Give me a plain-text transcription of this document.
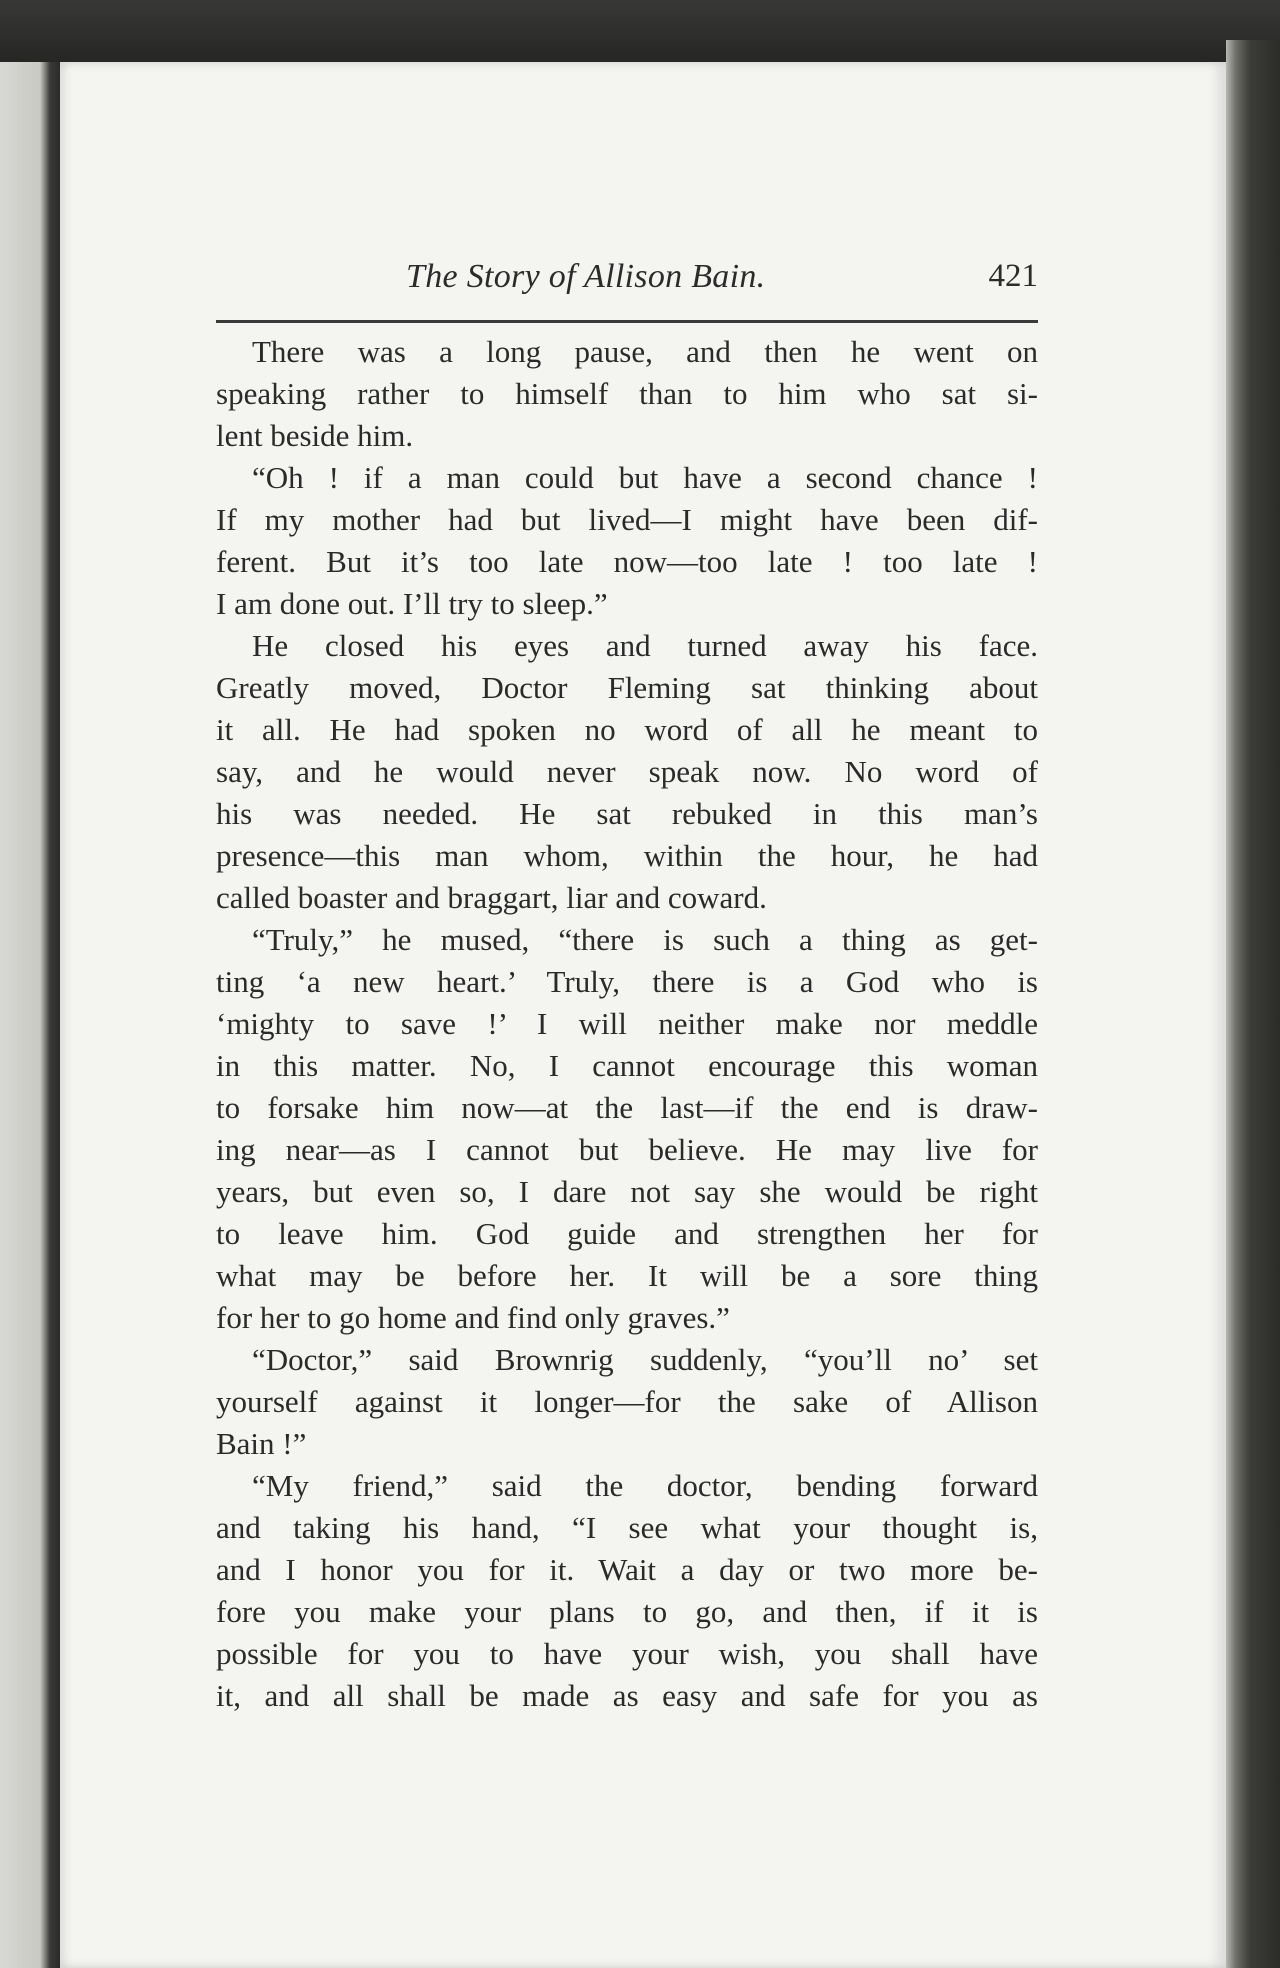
The Story of Allison Bain.	421
There was a long pause, and then he went on
speaking rather to himself than to him who sat si-
lent beside him.
“Oh ! if a man could but have a second chance !
If my mother had but lived—I might have been dif-
ferent. But it’s too late now—too late ! too late !
I am done out. I’ll try to sleep.”
He closed his eyes and turned away his face.
Greatly moved, Doctor Fleming sat thinking about
it all. He had spoken no word of all he meant to
say, and he would never speak now. No word of
his was needed. He sat rebuked in this man’s
presence—this man whom, within the hour, he had
called boaster and braggart, liar and coward.
“Truly,” he mused, “there is such a thing as get-
ting ‘a new heart.’ Truly, there is a God who is
‘mighty to save !’ I will neither make nor meddle
in this matter. No, I cannot encourage this woman
to forsake him now—at the last—if the end is draw-
ing near—as I cannot but believe. He may live for
years, but even so, I dare not say she would be right
to leave him. God guide and strengthen her for
what may be before her. It will be a sore thing
for her to go home and find only graves.”
“Doctor,” said Brownrig suddenly, “you’ll no’ set
yourself against it longer—for the sake of Allison
Bain !”
“My friend,” said the doctor, bending forward
and taking his hand, “I see what your thought is,
and I honor you for it. Wait a day or two more be-
fore you make your plans to go, and then, if it is
possible for you to have your wish, you shall have
it, and all shall be made as easy and safe for you as
